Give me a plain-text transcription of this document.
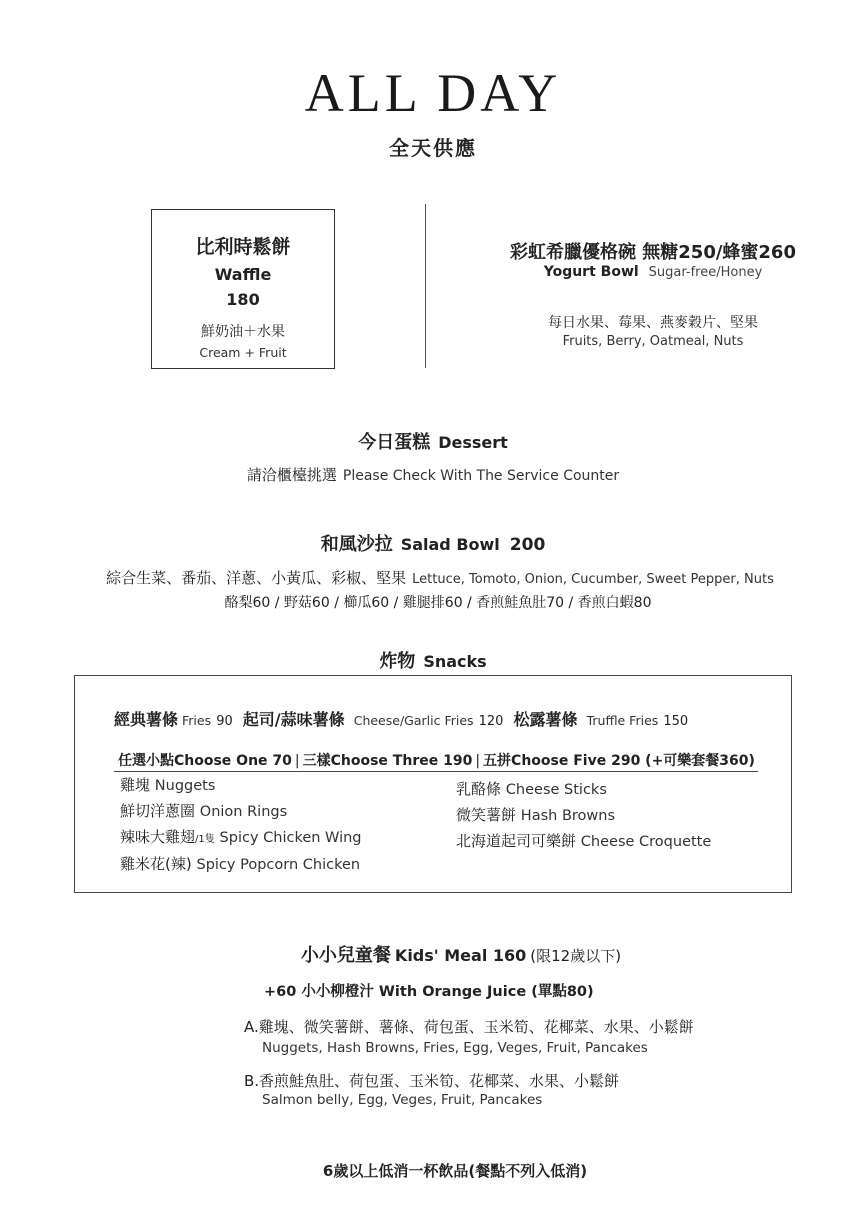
ALL DAY
全天供應
比利時鬆餅
Waffle
180
鮮奶油＋水果
Cream + Fruit
彩虹希臘優格碗 無糖250/蜂蜜260
Yogurt Bowl Sugar-free/Honey
每日水果、莓果、燕麥穀片、堅果
Fruits, Berry, Oatmeal, Nuts
今日蛋糕 Dessert
請洽櫃檯挑選 Please Check With The Service Counter
和風沙拉 Salad Bowl 200
綜合生菜、番茄、洋蔥、小黃瓜、彩椒、堅果 Lettuce, Tomoto, Onion, Cucumber, Sweet Pepper, Nuts
酪梨60 / 野菇60 / 櫛瓜60 / 雞腿排60 / 香煎鮭魚肚70 / 香煎白蝦80
炸物 Snacks
經典薯條 Fries 90 起司/蒜味薯條 Cheese/Garlic Fries 120 松露薯條 Truffle Fries 150
任選小點Choose One 70 | 三樣Choose Three 190 | 五拼Choose Five 290 (+可樂套餐360)
雞塊 Nuggets
鮮切洋蔥圈 Onion Rings
辣味大雞翅/1隻 Spicy Chicken Wing
雞米花(辣) Spicy Popcorn Chicken
乳酪條 Cheese Sticks
微笑薯餅 Hash Browns
北海道起司可樂餅 Cheese Croquette
小小兒童餐 Kids' Meal 160 (限12歲以下)
+60 小小柳橙汁 With Orange Juice (單點80)
A.雞塊、微笑薯餅、薯條、荷包蛋、玉米筍、花椰菜、水果、小鬆餅
Nuggets, Hash Browns, Fries, Egg, Veges, Fruit, Pancakes
B.香煎鮭魚肚、荷包蛋、玉米筍、花椰菜、水果、小鬆餅
Salmon belly, Egg, Veges, Fruit, Pancakes
6歲以上低消一杯飲品(餐點不列入低消)
